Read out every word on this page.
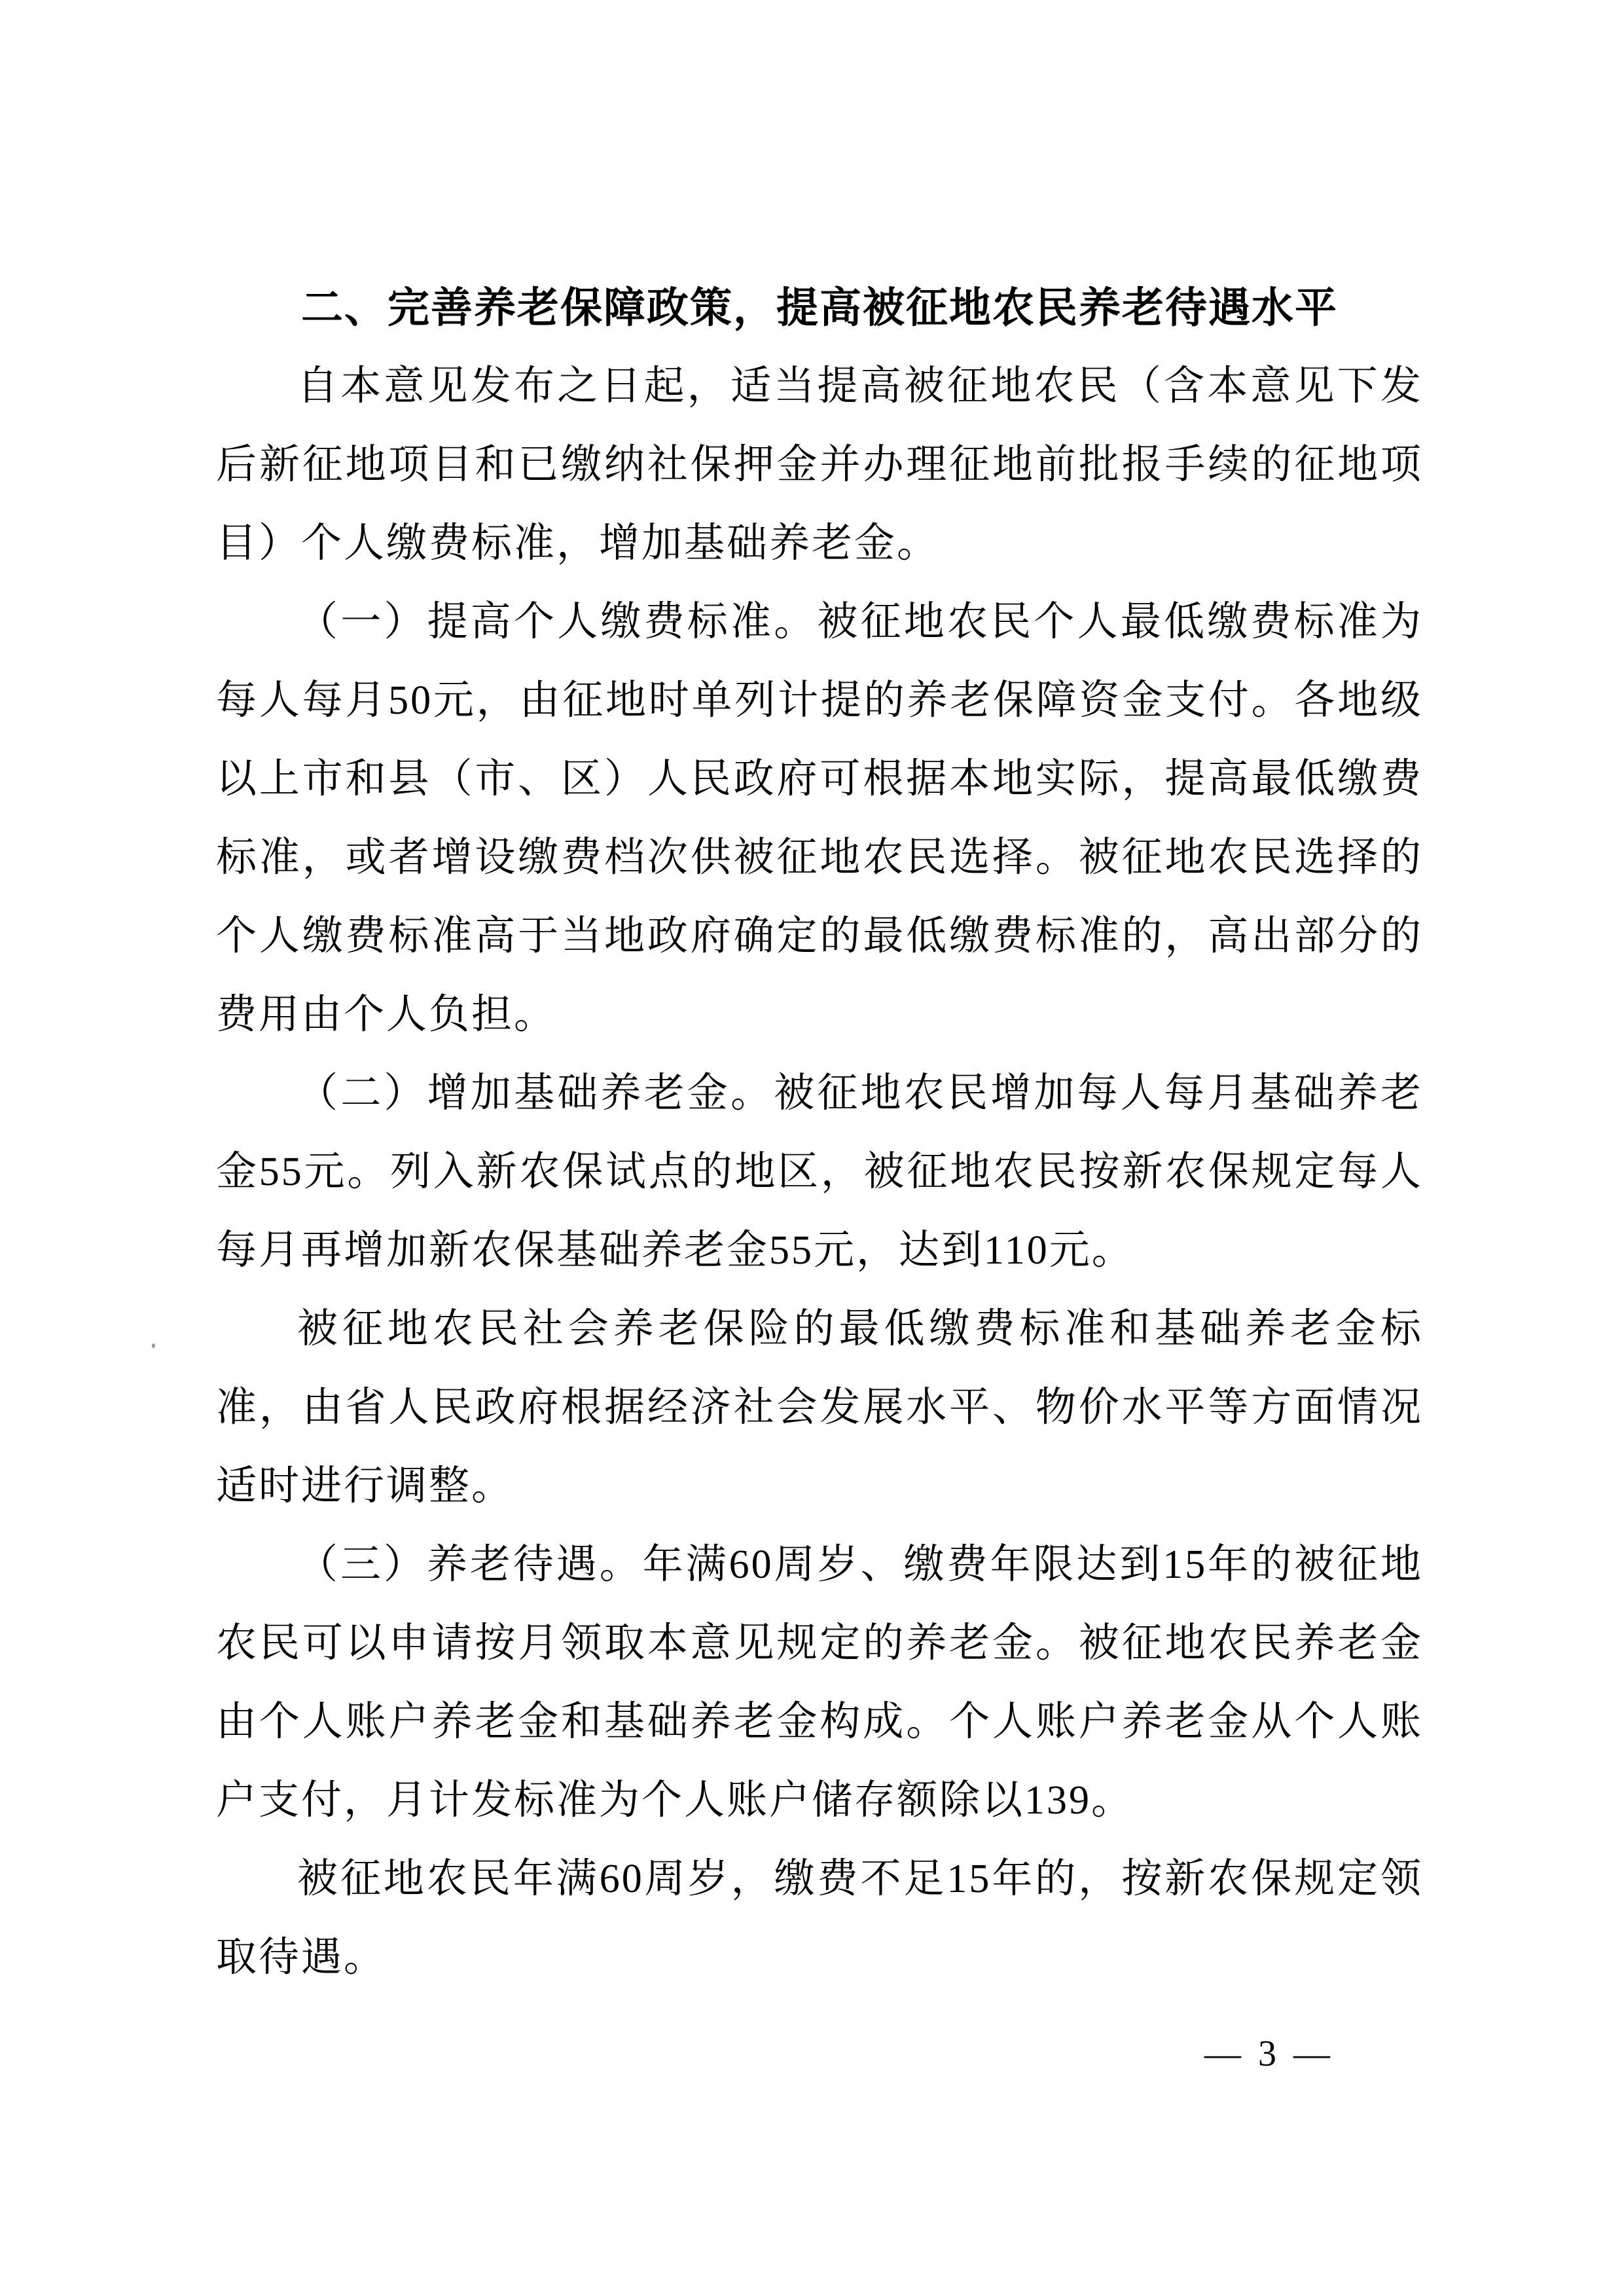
二、完善养老保障政策，提高被征地农民养老待遇水平

自本意见发布之日起，适当提高被征地农民（含本意见下发后新征地项目和已缴纳社保押金并办理征地前批报手续的征地项目）个人缴费标准，增加基础养老金。

（一）提高个人缴费标准。被征地农民个人最低缴费标准为每人每月50元，由征地时单列计提的养老保障资金支付。各地级以上市和县（市、区）人民政府可根据本地实际，提高最低缴费标准，或者增设缴费档次供被征地农民选择。被征地农民选择的个人缴费标准高于当地政府确定的最低缴费标准的，高出部分的费用由个人负担。

（二）增加基础养老金。被征地农民增加每人每月基础养老金55元。列入新农保试点的地区，被征地农民按新农保规定每人每月再增加新农保基础养老金55元，达到110元。

被征地农民社会养老保险的最低缴费标准和基础养老金标准，由省人民政府根据经济社会发展水平、物价水平等方面情况适时进行调整。

（三）养老待遇。年满60周岁、缴费年限达到15年的被征地农民可以申请按月领取本意见规定的养老金。被征地农民养老金由个人账户养老金和基础养老金构成。个人账户养老金从个人账户支付，月计发标准为个人账户储存额除以139。

被征地农民年满60周岁，缴费不足15年的，按新农保规定领取待遇。

— 3 —
